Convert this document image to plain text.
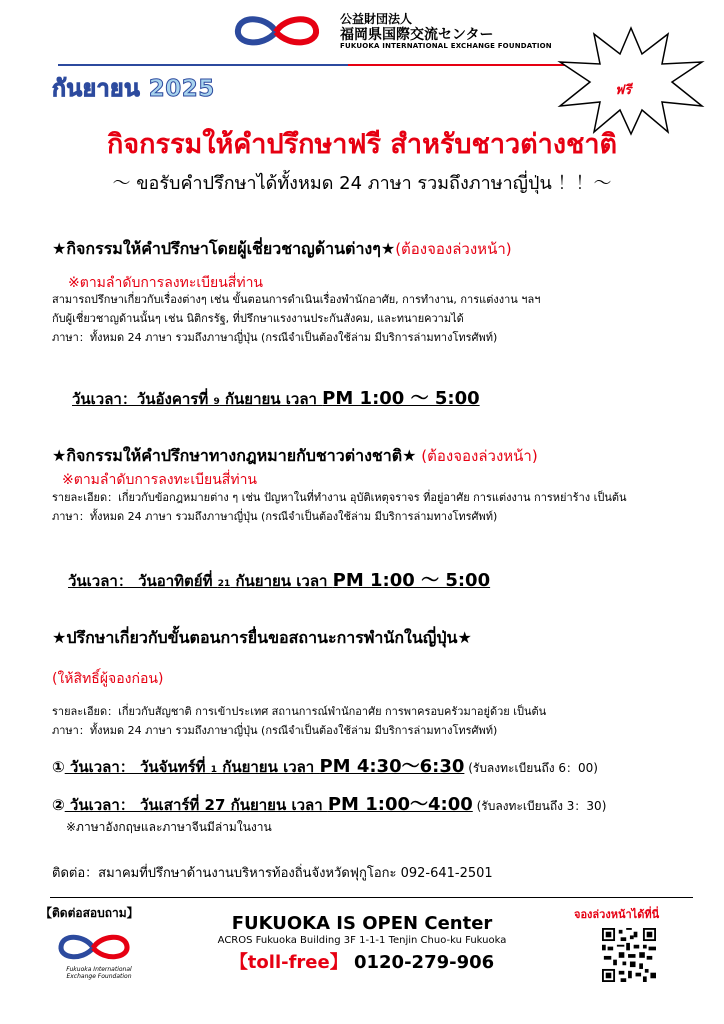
公益財団法人
福岡県国際交流センター
FUKUOKA INTERNATIONAL EXCHANGE FOUNDATION
กันยายน 2025	ฟรี
กิจกรรมให้คำปรึกษาฟรี สำหรับชาวต่างชาติ
～ ขอรับคำปรึกษาได้ทั้งหมด 24 ภาษา รวมถึงภาษาญี่ปุ่น ！！～
★กิจกรรมให้คำปรึกษาโดยผู้เชี่ยวชาญด้านต่างๆ★(ต้องจองล่วงหน้า)
※ตามลำดับการลงทะเบียนสี่ท่าน
สามารถปรึกษาเกี่ยวกับเรื่องต่างๆ เช่น ขั้นตอนการดำเนินเรื่องพำนักอาศัย, การทำงาน, การแต่งงาน ฯลฯ
กับผู้เชี่ยวชาญด้านนั้นๆ เช่น นิติกรรัฐ, ที่ปรึกษาแรงงานประกันสังคม, และทนายความได้
ภาษา：ทั้งหมด 24 ภาษา รวมถึงภาษาญี่ปุ่น (กรณีจำเป็นต้องใช้ล่าม มีบริการล่ามทางโทรศัพท์)
วันเวลา：วันอังคารที่ 9 กันยายน เวลา PM 1:00 ～ 5:00
★กิจกรรมให้คำปรึกษาทางกฎหมายกับชาวต่างชาติ★ (ต้องจองล่วงหน้า)
※ตามลำดับการลงทะเบียนสี่ท่าน
รายละเอียด：เกี่ยวกับข้อกฎหมายต่าง ๆ เช่น ปัญหาในที่ทำงาน อุบัติเหตุจราจร ที่อยู่อาศัย การแต่งงาน การหย่าร้าง เป็นต้น
ภาษา：ทั้งหมด 24 ภาษา รวมถึงภาษาญี่ปุ่น (กรณีจำเป็นต้องใช้ล่าม มีบริการล่ามทางโทรศัพท์)
วันเวลา： วันอาทิตย์ที่ 21 กันยายน เวลา PM 1:00 ～ 5:00
★ปรึกษาเกี่ยวกับขั้นตอนการยื่นขอสถานะการพำนักในญี่ปุ่น★
(ให้สิทธิ์ผู้จองก่อน)
รายละเอียด：เกี่ยวกับสัญชาติ การเข้าประเทศ สถานการณ์พำนักอาศัย การพาครอบครัวมาอยู่ด้วย เป็นต้น
ภาษา：ทั้งหมด 24 ภาษา รวมถึงภาษาญี่ปุ่น (กรณีจำเป็นต้องใช้ล่าม มีบริการล่ามทางโทรศัพท์)
① วันเวลา： วันจันทร์ที่ 1 กันยายน เวลา PM 4:30～6:30 (รับลงทะเบียนถึง 6：00)
② วันเวลา： วันเสาร์ที่ 27 กันยายน เวลา PM 1:00～4:00 (รับลงทะเบียนถึง 3：30)
※ภาษาอังกฤษและภาษาจีนมีล่ามในงาน
ติดต่อ：สมาคมที่ปรึกษาด้านงานบริหารท้องถิ่นจังหวัดฟุกูโอกะ 092-641-2501
【ติดต่อสอบถาม】
Fukuoka International Exchange Foundation
FUKUOKA IS OPEN Center
ACROS Fukuoka Building 3F 1-1-1 Tenjin Chuo-ku Fukuoka
【toll-free】 0120-279-906
จองล่วงหน้าได้ที่นี่
